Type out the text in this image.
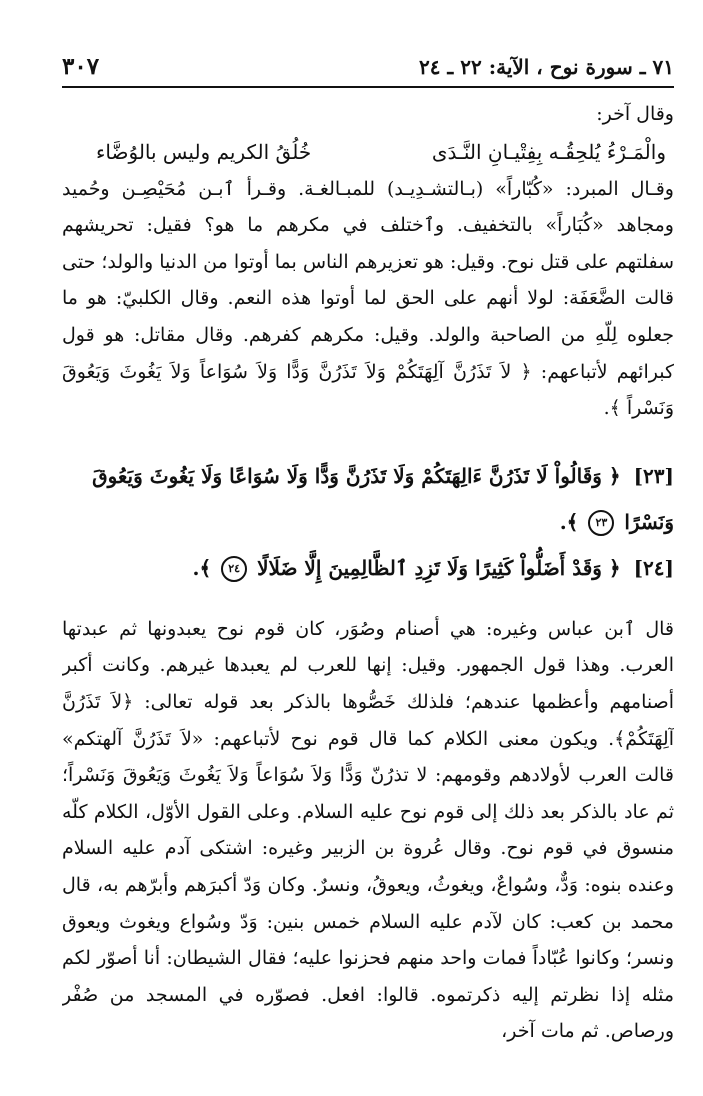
٧١ ـ سورة نوح ، الآية: ٢٢ ـ ٢٤
٣٠٧

وقال آخر:

والْمَـرْءُ يُلحِقُـه بِفِتْيـانِ النَّـدَى
خُلُقُ الكريم وليس بالوُضَّاء

وقـال المبرد: «كُبّاراً» (بـالتشـدِيـد) للمبـالغـة. وقـرأ ٱبـن مُحَيْصِـن وحُميد ومجاهد «كُبَاراً» بالتخفيف. وٱختلف في مكرهم ما هو؟ فقيل: تحريشهم سفلتهم على قتل نوح. وقيل: هو تعزيرهم الناس بما أوتوا من الدنيا والولد؛ حتى قالت الضَّعَفَة: لولا أنهم على الحق لما أوتوا هذه النعم. وقال الكلبيّ: هو ما جعلوه لِلّهِ من الصاحبة والولد. وقيل: مكرهم كفرهم. وقال مقاتل: هو قول كبرائهم لأتباعهم: ﴿ لاَ تَذَرُنَّ آلِهَتَكُمْ وَلاَ تَذَرُنَّ وَدًّا وَلاَ سُوَاعاً وَلاَ يَغُوثَ وَيَعُوقَ وَنَسْراً ﴾.

[٢٣] ﴿ وَقَالُواْ لَا تَذَرُنَّ ءَالِهَتَكُمْ وَلَا تَذَرُنَّ وَدًّا وَلَا سُوَاعًا وَلَا يَغُوثَ وَيَعُوقَ وَنَسْرًا ٢٣ ﴾.
[٢٤] ﴿ وَقَدْ أَضَلُّواْ كَثِيرًا وَلَا تَزِدِ ٱلظَّالِمِينَ إِلَّا ضَلَالًا ٢٤ ﴾.

قال ٱبن عباس وغيره: هي أصنام وصُوَر، كان قوم نوح يعبدونها ثم عبدتها العرب. وهذا قول الجمهور. وقيل: إنها للعرب لم يعبدها غيرهم. وكانت أكبر أصنامهم وأعظمها عندهم؛ فلذلك خَصُّوها بالذكر بعد قوله تعالى: ﴿لاَ تَذَرُنَّ آلِهَتَكُمْ﴾. ويكون معنى الكلام كما قال قوم نوح لأتباعهم: «لاَ تَذَرُنَّ آلهتكم» قالت العرب لأولادهم وقومهم: لا تذرُنّ وَدًّا وَلاَ سُوَاعاً وَلاَ يَغُوثَ وَيَعُوقَ وَنَسْراً؛ ثم عاد بالذكر بعد ذلك إلى قوم نوح عليه السلام. وعلى القول الأوّل، الكلام كلّه منسوق في قوم نوح. وقال عُروة بن الزبير وغيره: اشتكى آدم عليه السلام وعنده بنوه: وَدٌّ، وسُواعٌ، ويغوثُ، ويعوقُ، ونسرٌ. وكان وَدّ أكبرَهم وأبرّهم به، قال محمد بن كعب: كان لآدم عليه السلام خمس بنين: وَدّ وسُواع ويغوث ويعوق ونسر؛ وكانوا عُبّاداً فمات واحد منهم فحزنوا عليه؛ فقال الشيطان: أنا أصوّر لكم مثله إذا نظرتم إليه ذكرتموه. قالوا: افعل. فصوّره في المسجد من صُفْر ورصاص. ثم مات آخر،
